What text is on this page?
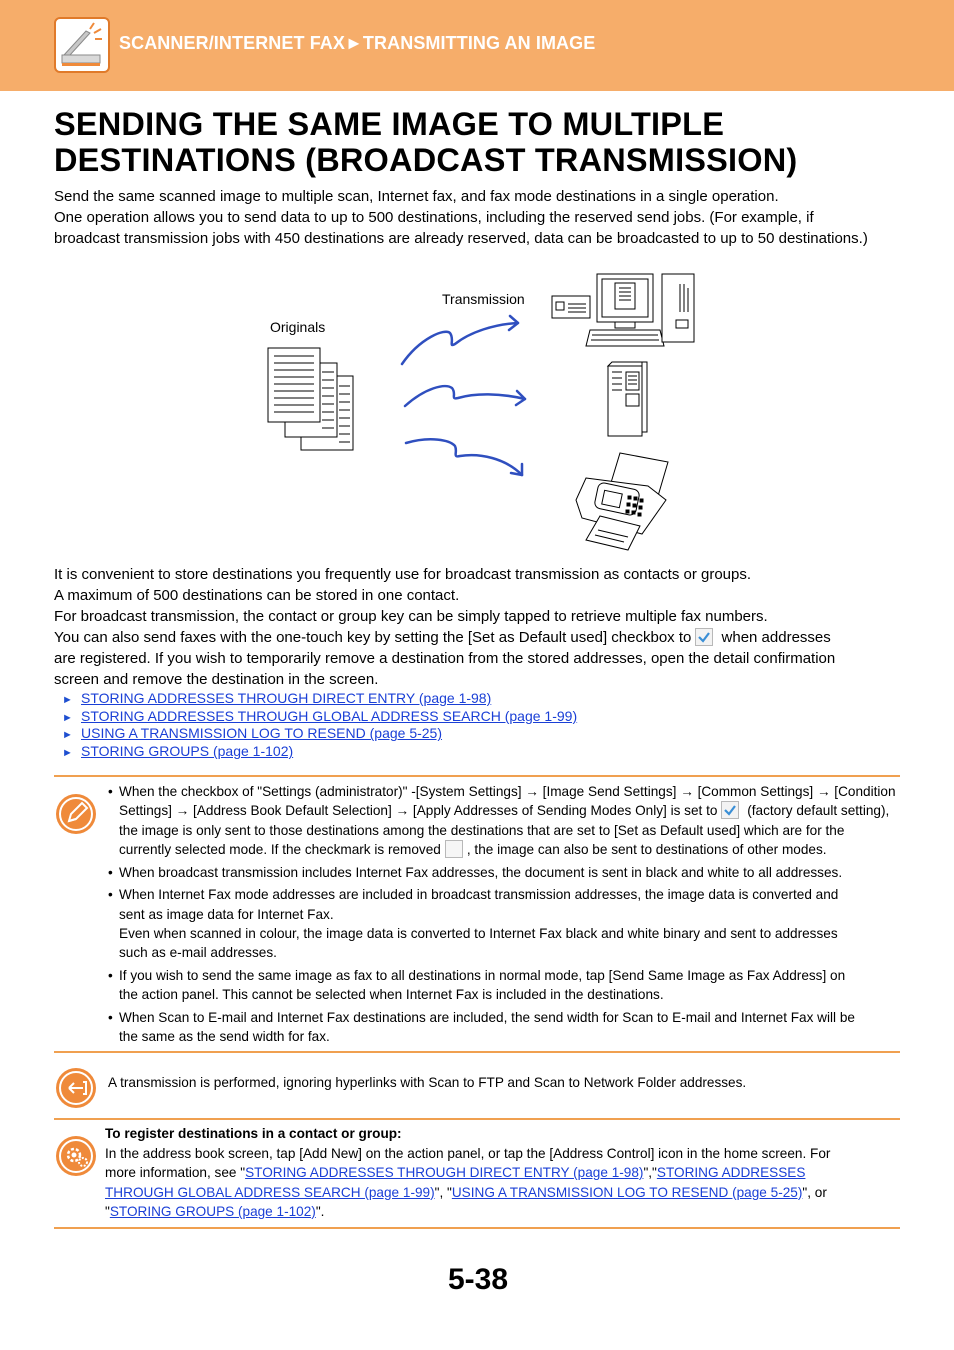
SCANNER/INTERNET FAX►TRANSMITTING AN IMAGE
SENDING THE SAME IMAGE TO MULTIPLE
DESTINATIONS (BROADCAST TRANSMISSION)

Send the same scanned image to multiple scan, Internet fax, and fax mode destinations in a single operation.

One operation allows you to send data to up to 500 destinations, including the reserved send jobs. (For example, if

broadcast transmission jobs with 450 destinations are already reserved, data can be broadcasted to up to 50 destinations.)

Transmission
Originals

It is convenient to store destinations you frequently use for broadcast transmission as contacts or groups.

A maximum of 500 destinations can be stored in one contact.

For broadcast transmission, the contact or group key can be simply tapped to retrieve multiple fax numbers.

You can also send faxes with the one-touch key by setting the [Set as Default used] checkbox to when addresses

are registered. If you wish to temporarily remove a destination from the stored addresses, open the detail confirmation

screen and remove the destination in the screen.

► STORING ADDRESSES THROUGH DIRECT ENTRY (page 1-98)
► STORING ADDRESSES THROUGH GLOBAL ADDRESS SEARCH (page 1-99)
► USING A TRANSMISSION LOG TO RESEND (page 5-25)
► STORING GROUPS (page 1-102)

• When the checkbox of "Settings (administrator)" -[System Settings] → [Image Send Settings] → [Common Settings] → [Condition

Settings] → [Address Book Default Selection] → [Apply Addresses of Sending Modes Only] is set to (factory default setting),

the image is only sent to those destinations among the destinations that are set to [Set as Default used] which are for the

currently selected mode. If the checkmark is removed , the image can also be sent to destinations of other modes.

• When broadcast transmission includes Internet Fax addresses, the document is sent in black and white to all addresses.

• When Internet Fax mode addresses are included in broadcast transmission addresses, the image data is converted and

sent as image data for Internet Fax.

Even when scanned in colour, the image data is converted to Internet Fax black and white binary and sent to addresses

such as e-mail addresses.

• If you wish to send the same image as fax to all destinations in normal mode, tap [Send Same Image as Fax Address] on

the action panel. This cannot be selected when Internet Fax is included in the destinations.

• When Scan to E-mail and Internet Fax destinations are included, the send width for Scan to E-mail and Internet Fax will be

the same as the send width for fax.

A transmission is performed, ignoring hyperlinks with Scan to FTP and Scan to Network Folder addresses.

To register destinations in a contact or group:

In the address book screen, tap [Add New] on the action panel, or tap the [Address Control] icon in the home screen. For

more information, see "STORING ADDRESSES THROUGH DIRECT ENTRY (page 1-98)","STORING ADDRESSES

THROUGH GLOBAL ADDRESS SEARCH (page 1-99)", "USING A TRANSMISSION LOG TO RESEND (page 5-25)", or

"STORING GROUPS (page 1-102)".

5-38
